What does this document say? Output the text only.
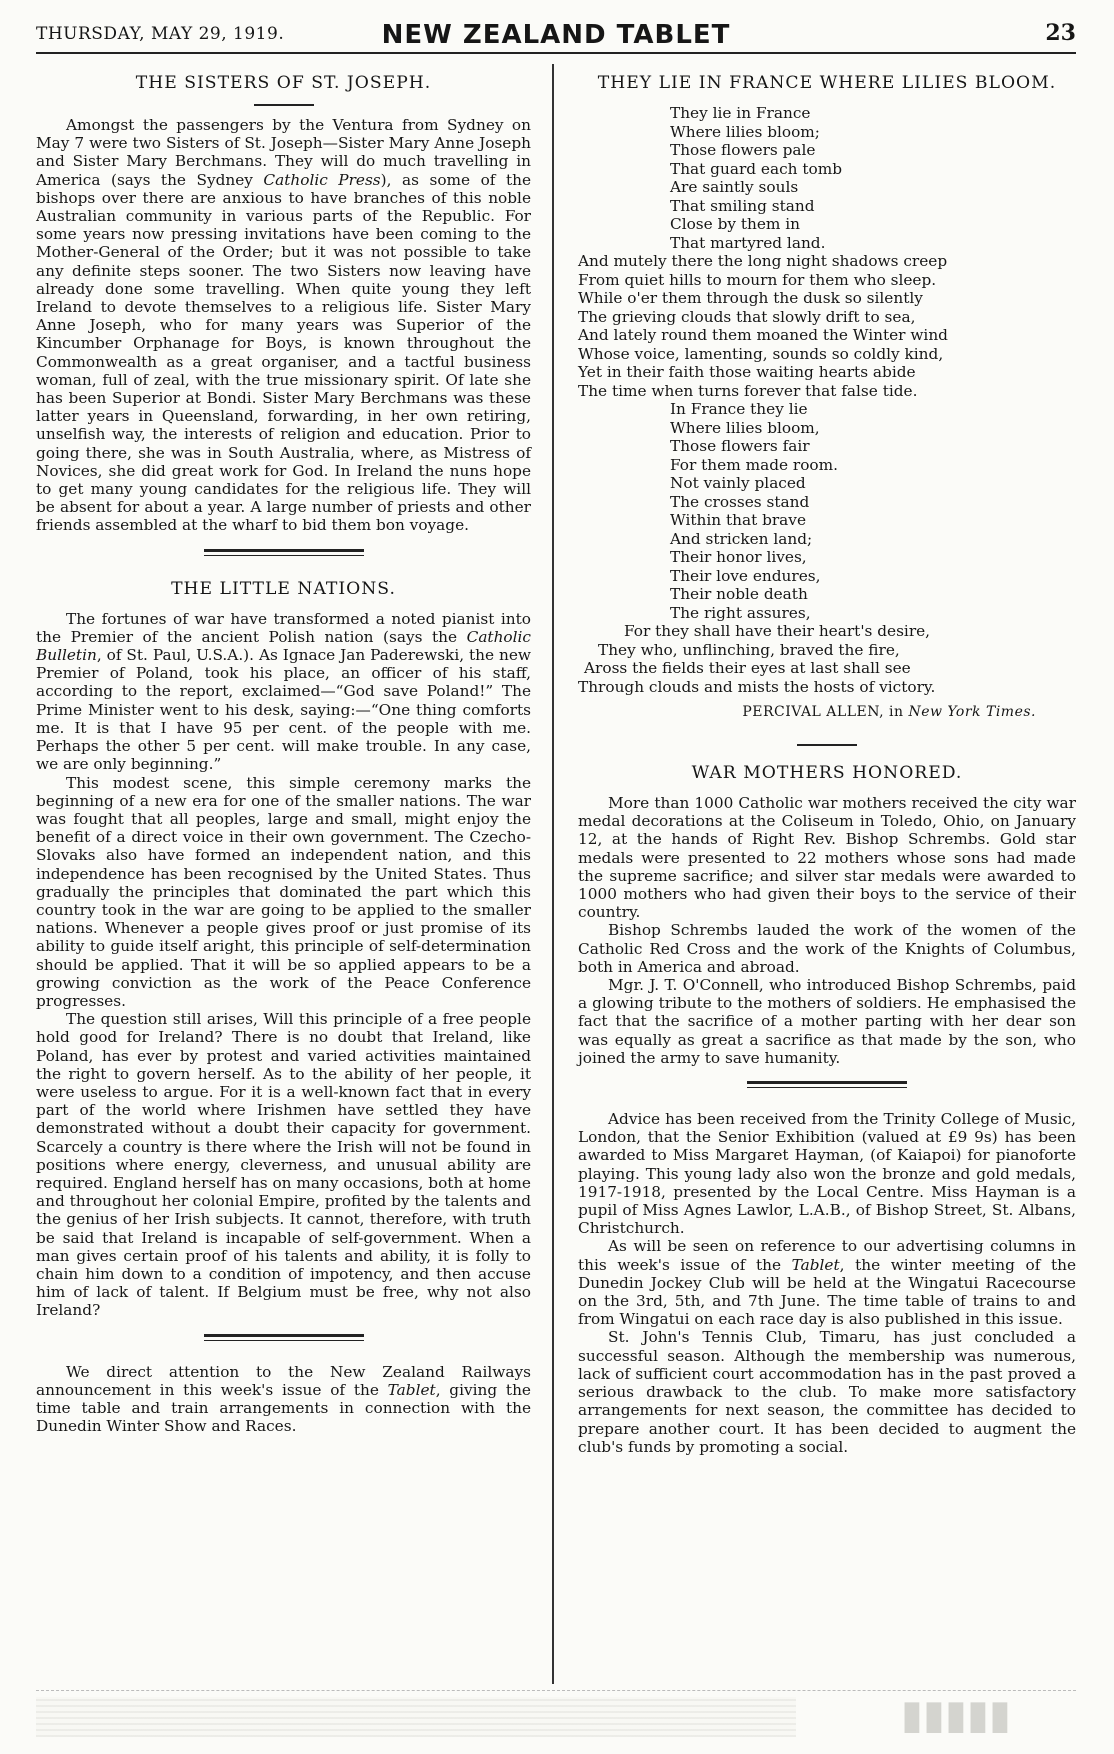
THURSDAY, MAY 29, 1919.	NEW ZEALAND TABLET	23
THE SISTERS OF ST. JOSEPH.

Amongst the passengers by the Ventura from Sydney on May 7 were two Sisters of St. Joseph—Sister Mary Anne Joseph and Sister Mary Berchmans. They will do much travelling in America (says the Sydney Catholic Press), as some of the bishops over there are anxious to have branches of this noble Australian community in various parts of the Republic. For some years now pressing invitations have been coming to the Mother-General of the Order; but it was not possible to take any definite steps sooner. The two Sisters now leaving have already done some travelling. When quite young they left Ireland to devote themselves to a religious life. Sister Mary Anne Joseph, who for many years was Superior of the Kincumber Orphanage for Boys, is known throughout the Commonwealth as a great organiser, and a tactful business woman, full of zeal, with the true missionary spirit. Of late she has been Superior at Bondi. Sister Mary Berchmans was these latter years in Queensland, forwarding, in her own retiring, unselfish way, the interests of religion and education. Prior to going there, she was in South Australia, where, as Mistress of Novices, she did great work for God. In Ireland the nuns hope to get many young candidates for the religious life. They will be absent for about a year. A large number of priests and other friends assembled at the wharf to bid them bon voyage.

THE LITTLE NATIONS.

The fortunes of war have transformed a noted pianist into the Premier of the ancient Polish nation (says the Catholic Bulletin, of St. Paul, U.S.A.). As Ignace Jan Paderewski, the new Premier of Poland, took his place, an officer of his staff, according to the report, exclaimed—“God save Poland!” The Prime Minister went to his desk, saying:—“One thing comforts me. It is that I have 95 per cent. of the people with me. Perhaps the other 5 per cent. will make trouble. In any case, we are only beginning.”

This modest scene, this simple ceremony marks the beginning of a new era for one of the smaller nations. The war was fought that all peoples, large and small, might enjoy the benefit of a direct voice in their own government. The Czecho-Slovaks also have formed an independent nation, and this independence has been recognised by the United States. Thus gradually the principles that dominated the part which this country took in the war are going to be applied to the smaller nations. Whenever a people gives proof or just promise of its ability to guide itself aright, this principle of self-determination should be applied. That it will be so applied appears to be a growing conviction as the work of the Peace Conference progresses.

The question still arises, Will this principle of a free people hold good for Ireland? There is no doubt that Ireland, like Poland, has ever by protest and varied activities maintained the right to govern herself. As to the ability of her people, it were useless to argue. For it is a well-known fact that in every part of the world where Irishmen have settled they have demonstrated without a doubt their capacity for government. Scarcely a country is there where the Irish will not be found in positions where energy, cleverness, and unusual ability are required. England herself has on many occasions, both at home and throughout her colonial Empire, profited by the talents and the genius of her Irish subjects. It cannot, therefore, with truth be said that Ireland is incapable of self-government. When a man gives certain proof of his talents and ability, it is folly to chain him down to a condition of impotency, and then accuse him of lack of talent. If Belgium must be free, why not also Ireland?

We direct attention to the New Zealand Railways announcement in this week's issue of the Tablet, giving the time table and train arrangements in connection with the Dunedin Winter Show and Races.

THEY LIE IN FRANCE WHERE LILIES BLOOM.
They lie in France
Where lilies bloom;
Those flowers pale
That guard each tomb
Are saintly souls
That smiling stand
Close by them in
That martyred land.
And mutely there the long night shadows creep
From quiet hills to mourn for them who sleep.
While o'er them through the dusk so silently
The grieving clouds that slowly drift to sea,
And lately round them moaned the Winter wind
Whose voice, lamenting, sounds so coldly kind,
Yet in their faith those waiting hearts abide
The time when turns forever that false tide.
In France they lie
Where lilies bloom,
Those flowers fair
For them made room.
Not vainly placed
The crosses stand
Within that brave
And stricken land;
Their honor lives,
Their love endures,
Their noble death
The right assures,
For they shall have their heart's desire,
They who, unflinching, braved the fire,
Aross the fields their eyes at last shall see
Through clouds and mists the hosts of victory.
PERCIVAL ALLEN, in New York Times.
WAR MOTHERS HONORED.

More than 1000 Catholic war mothers received the city war medal decorations at the Coliseum in Toledo, Ohio, on January 12, at the hands of Right Rev. Bishop Schrembs. Gold star medals were presented to 22 mothers whose sons had made the supreme sacrifice; and silver star medals were awarded to 1000 mothers who had given their boys to the service of their country.

Bishop Schrembs lauded the work of the women of the Catholic Red Cross and the work of the Knights of Columbus, both in America and abroad.

Mgr. J. T. O'Connell, who introduced Bishop Schrembs, paid a glowing tribute to the mothers of soldiers. He emphasised the fact that the sacrifice of a mother parting with her dear son was equally as great a sacrifice as that made by the son, who joined the army to save humanity.

Advice has been received from the Trinity College of Music, London, that the Senior Exhibition (valued at £9 9s) has been awarded to Miss Margaret Hayman, (of Kaiapoi) for pianoforte playing. This young lady also won the bronze and gold medals, 1917-1918, presented by the Local Centre. Miss Hayman is a pupil of Miss Agnes Lawlor, L.A.B., of Bishop Street, St. Albans, Christchurch.

As will be seen on reference to our advertising columns in this week's issue of the Tablet, the winter meeting of the Dunedin Jockey Club will be held at the Wingatui Racecourse on the 3rd, 5th, and 7th June. The time table of trains to and from Wingatui on each race day is also published in this issue.

St. John's Tennis Club, Timaru, has just concluded a successful season. Although the membership was numerous, lack of sufficient court accommodation has in the past proved a serious drawback to the club. To make more satisfactory arrangements for next season, the committee has decided to prepare another court. It has been decided to augment the club's funds by promoting a social.

▮▮▮▮▮
